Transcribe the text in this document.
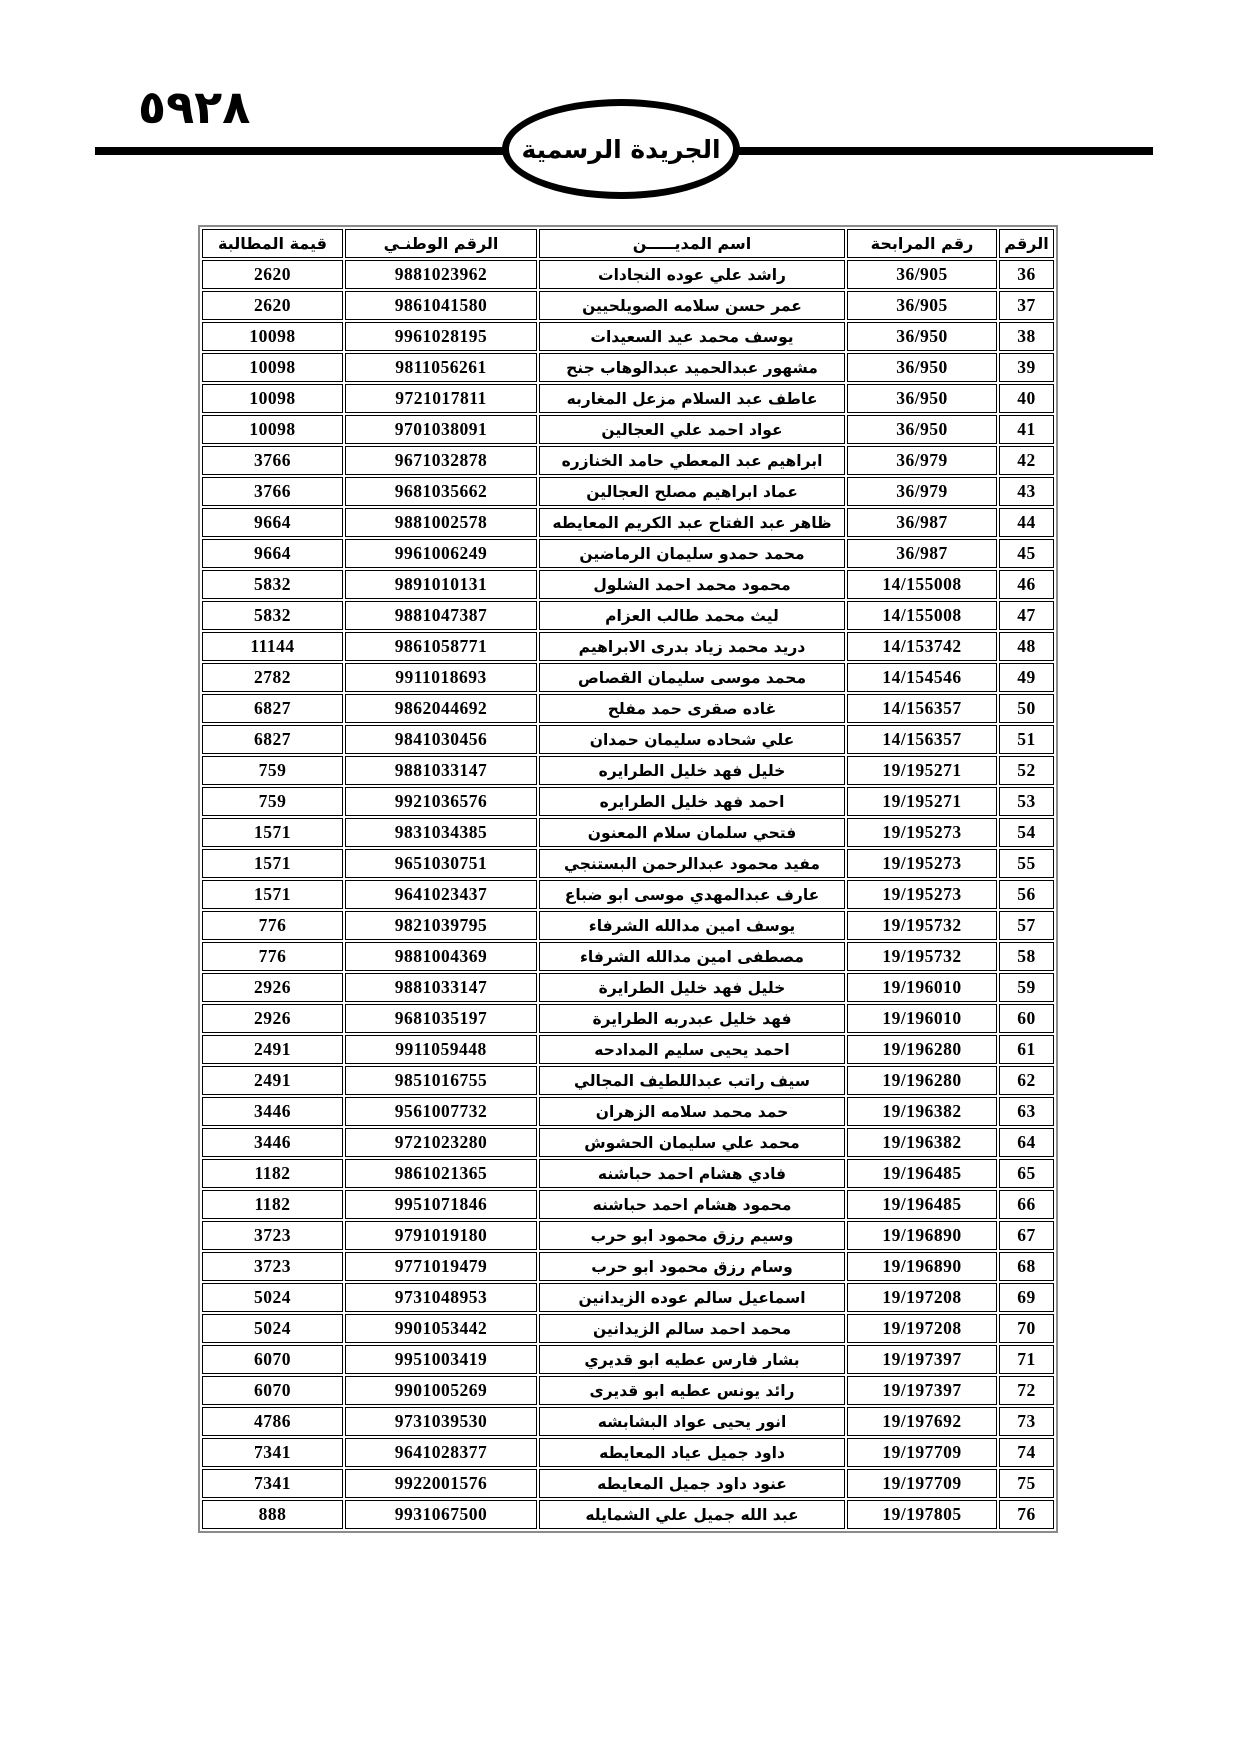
٥٩٢٨
الجريدة الرسمية
الرقم	رقم المرابحة	اسم المديـــــن	الرقم الوطنـي	قيمة المطالبة
36	36/905	راشد علي عوده النجادات	9881023962	2620
37	36/905	عمر حسن سلامه الصويلحيين	9861041580	2620
38	36/950	يوسف محمد عيد السعيدات	9961028195	10098
39	36/950	مشهور عبدالحميد عبدالوهاب جنح	9811056261	10098
40	36/950	عاطف عبد السلام مزعل المغاربه	9721017811	10098
41	36/950	عواد احمد علي العجالين	9701038091	10098
42	36/979	ابراهيم عبد المعطي حامد الخنازره	9671032878	3766
43	36/979	عماد ابراهيم مصلح العجالين	9681035662	3766
44	36/987	ظاهر عبد الفتاح عبد الكريم المعايطه	9881002578	9664
45	36/987	محمد حمدو سليمان الرماضين	9961006249	9664
46	14/155008	محمود محمد احمد الشلول	9891010131	5832
47	14/155008	ليث محمد طالب العزام	9881047387	5832
48	14/153742	دريد محمد زياد بدرى الابراهيم	9861058771	11144
49	14/154546	محمد موسى سليمان القصاص	9911018693	2782
50	14/156357	غاده صقرى حمد مفلح	9862044692	6827
51	14/156357	علي شحاده سليمان حمدان	9841030456	6827
52	19/195271	خليل فهد خليل الطرايره	9881033147	759
53	19/195271	احمد فهد خليل الطرايره	9921036576	759
54	19/195273	فتحي سلمان سلام المعنون	9831034385	1571
55	19/195273	مفيد محمود عبدالرحمن البستنجي	9651030751	1571
56	19/195273	عارف عبدالمهدي موسى ابو ضباع	9641023437	1571
57	19/195732	يوسف امين مدالله الشرفاء	9821039795	776
58	19/195732	مصطفى امين مدالله الشرفاء	9881004369	776
59	19/196010	خليل فهد خليل الطرايرة	9881033147	2926
60	19/196010	فهد خليل عبدربه الطرايرة	9681035197	2926
61	19/196280	احمد يحيى سليم المدادحه	9911059448	2491
62	19/196280	سيف راتب عبداللطيف المجالي	9851016755	2491
63	19/196382	حمد محمد سلامه الزهران	9561007732	3446
64	19/196382	محمد علي سليمان الحشوش	9721023280	3446
65	19/196485	فادي هشام احمد حباشنه	9861021365	1182
66	19/196485	محمود هشام احمد حباشنه	9951071846	1182
67	19/196890	وسيم رزق محمود ابو حرب	9791019180	3723
68	19/196890	وسام رزق محمود ابو حرب	9771019479	3723
69	19/197208	اسماعيل سالم عوده الزيدانين	9731048953	5024
70	19/197208	محمد احمد سالم الزيدانين	9901053442	5024
71	19/197397	بشار فارس عطيه ابو قديري	9951003419	6070
72	19/197397	رائد يونس عطيه ابو قديرى	9901005269	6070
73	19/197692	انور يحيى عواد البشابشه	9731039530	4786
74	19/197709	داود جميل عياد المعايطه	9641028377	7341
75	19/197709	عنود داود جميل المعايطه	9922001576	7341
76	19/197805	عبد الله جميل علي الشمايله	9931067500	888
